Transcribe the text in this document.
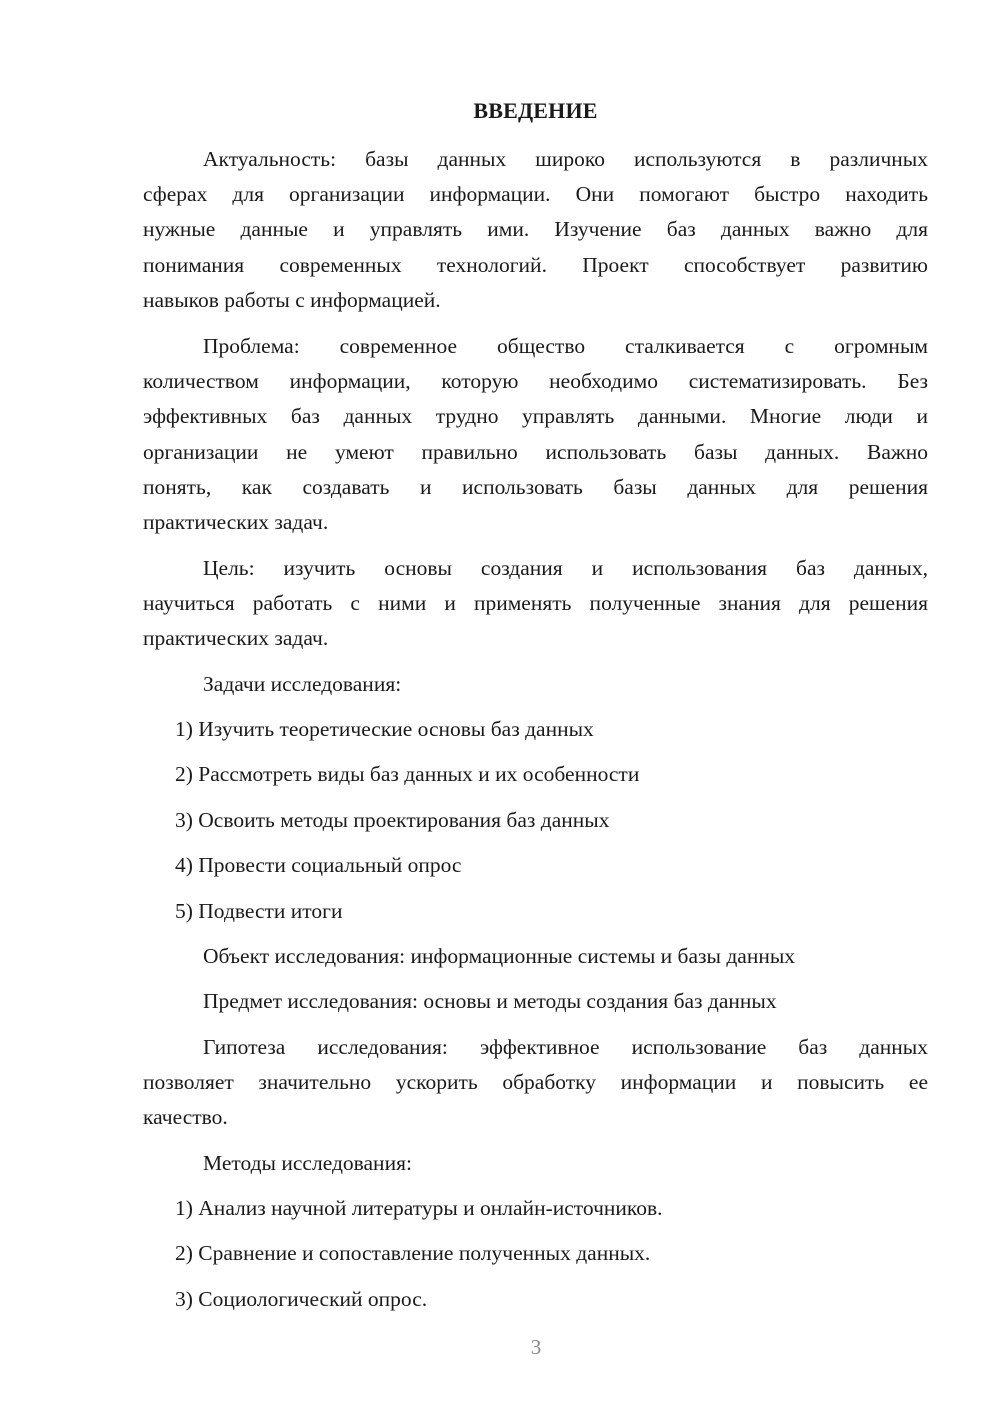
ВВЕДЕНИЕ
Актуальность: базы данных широко используются в различных
сферах для организации информации. Они помогают быстро находить
нужные данные и управлять ими. Изучение баз данных важно для
понимания современных технологий. Проект способствует развитию
навыков работы с информацией.
Проблема: современное общество сталкивается с огромным
количеством информации, которую необходимо систематизировать. Без
эффективных баз данных трудно управлять данными. Многие люди и
организации не умеют правильно использовать базы данных. Важно
понять, как создавать и использовать базы данных для решения
практических задач.
Цель: изучить основы создания и использования баз данных,
научиться работать с ними и применять полученные знания для решения
практических задач.
Задачи исследования:
1) Изучить теоретические основы баз данных
2) Рассмотреть виды баз данных и их особенности
3) Освоить методы проектирования баз данных
4) Провести социальный опрос
5) Подвести итоги
Объект исследования: информационные системы и базы данных
Предмет исследования: основы и методы создания баз данных
Гипотеза исследования: эффективное использование баз данных
позволяет значительно ускорить обработку информации и повысить ее
качество.
Методы исследования:
1) Анализ научной литературы и онлайн-источников.
2) Сравнение и сопоставление полученных данных.
3) Социологический опрос.
3
